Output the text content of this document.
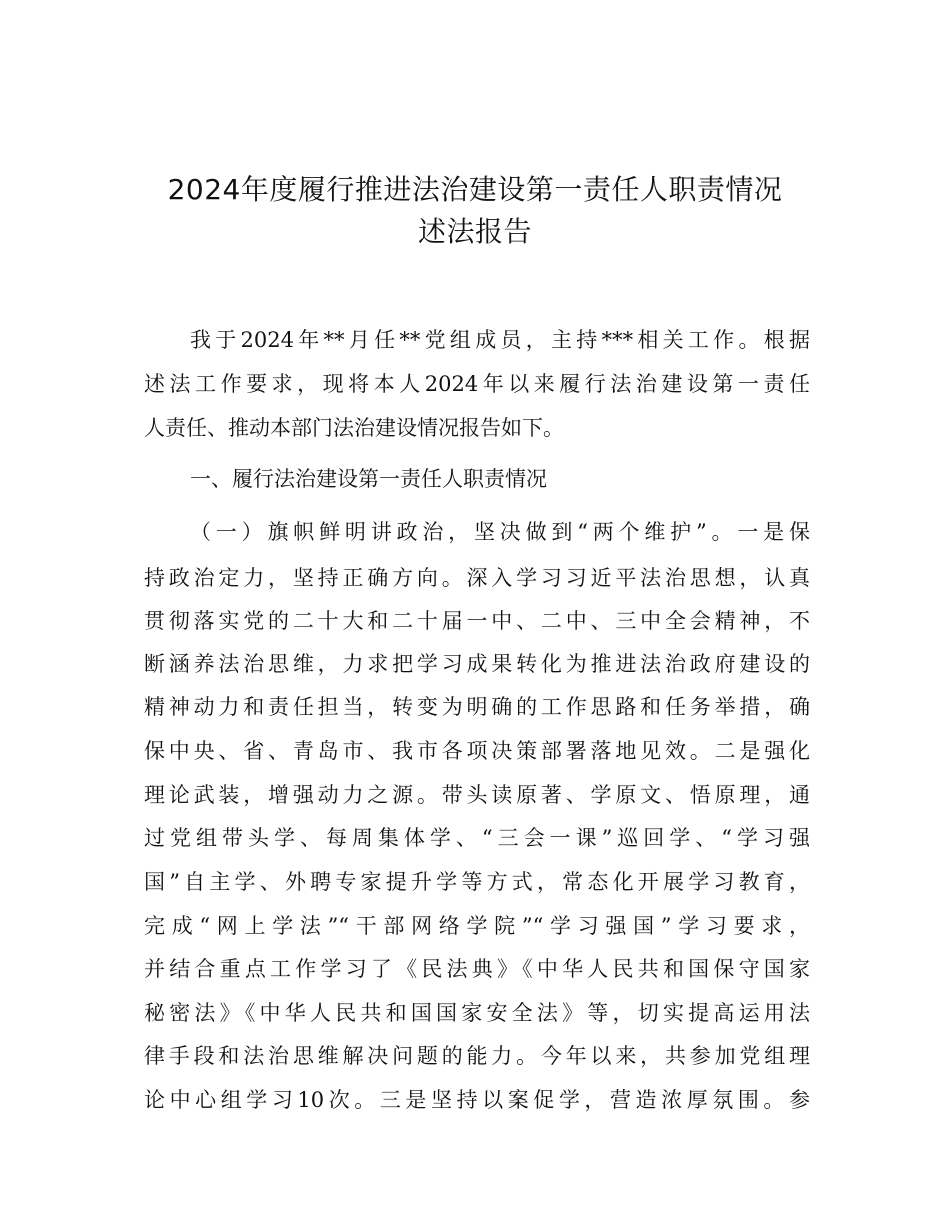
2024年度履行推进法治建设第一责任人职责情况
述法报告
我于2024年**月任**党组成员，主持***相关工作。根据
述法工作要求，现将本人2024年以来履行法治建设第一责任
人责任、推动本部门法治建设情况报告如下。
一、履行法治建设第一责任人职责情况
（一）旗帜鲜明讲政治，坚决做到“两个维护”。一是保
持政治定力，坚持正确方向。深入学习习近平法治思想，认真
贯彻落实党的二十大和二十届一中、二中、三中全会精神，不
断涵养法治思维，力求把学习成果转化为推进法治政府建设的
精神动力和责任担当，转变为明确的工作思路和任务举措，确
保中央、省、青岛市、我市各项决策部署落地见效。二是强化
理论武装，增强动力之源。带头读原著、学原文、悟原理，通
过党组带头学、每周集体学、“三会一课”巡回学、“学习强
国”自主学、外聘专家提升学等方式，常态化开展学习教育，
完成“网上学法”“干部网络学院”“学习强国”学习要求，
并结合重点工作学习了《民法典》《中华人民共和国保守国家
秘密法》《中华人民共和国国家安全法》等，切实提高运用法
律手段和法治思维解决问题的能力。今年以来，共参加党组理
论中心组学习10次。三是坚持以案促学，营造浓厚氛围。参
